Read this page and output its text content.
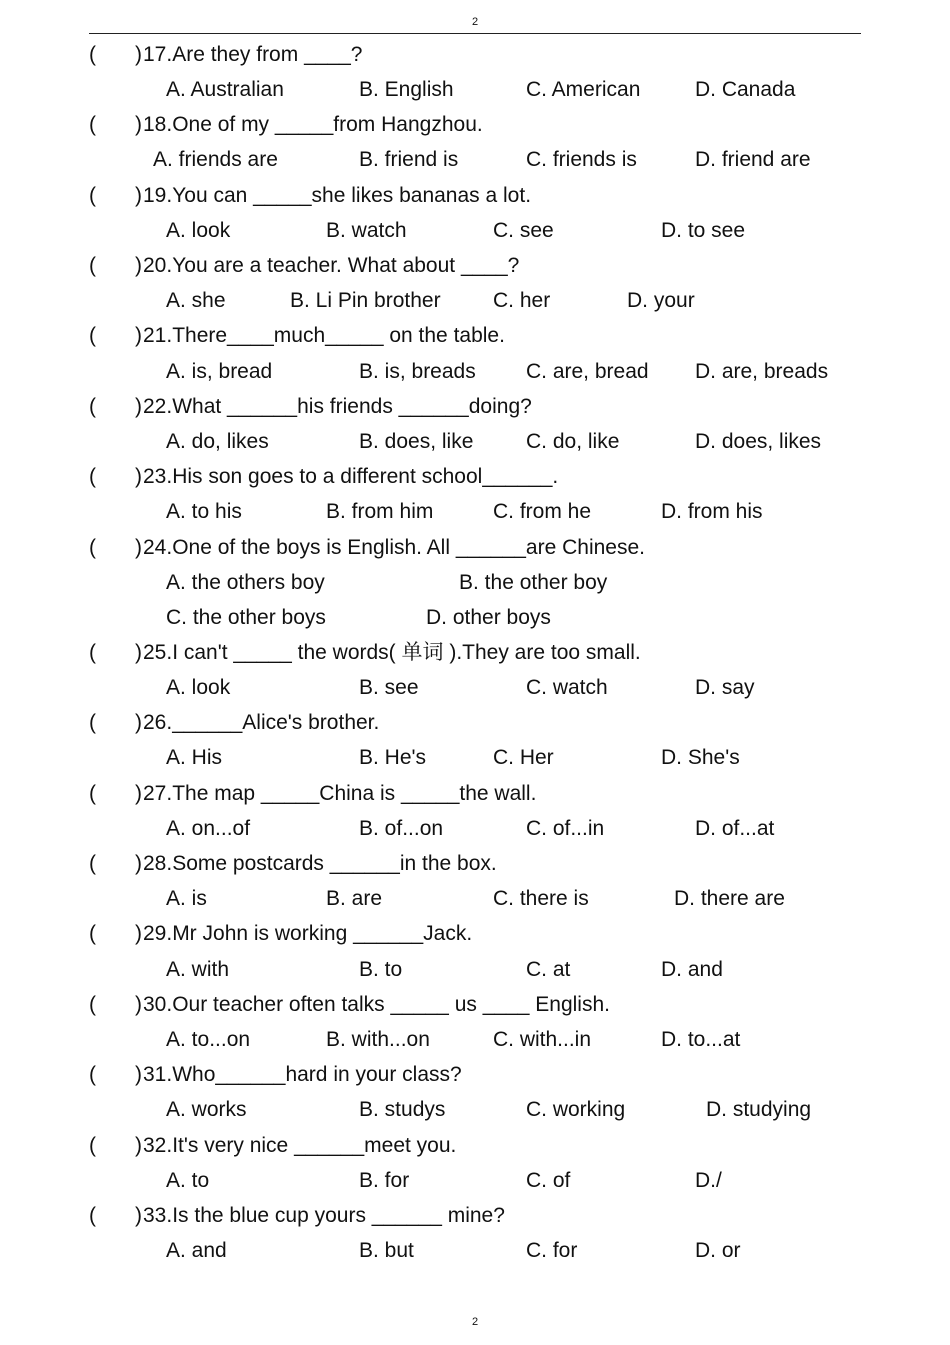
2

(

)

17.Are they from ____?

A. Australian	B. English	C. American	D. Canada

(

)

18.One of my _____from Hangzhou.

A. friends are	B. friend is	C. friends is	D. friend are

(

)

19.You can _____she likes bananas a lot.

A. look	B. watch	C. see	D. to see

(

)

20.You are a teacher. What about ____?

A. she	B. Li Pin brother C. her	D. your

(

)

21.There____much_____ on the table.

A. is, bread	B. is, breads C. are, bread D. are, breads

(

)

22.What ______his friends ______doing?

A. do, likes	B. does, like	C. do, like	D. does, likes

(

)

23.His son goes to a different school______.

A. to his	B. from him	C. from he	D. from his

(

)

24.One of the boys is English. All ______are Chinese.

A. the others boy	B. the other boy
C. the other boys	D. other boys

(

)

25.I can't _____ the words( 单词 ).They are too small.

A. look	B. see	C. watch	D. say

(

)

26.______Alice's brother.

A. His	B. He's	C. Her	D. She's

(

)

27.The map _____China is _____the wall.

A. on...of	B. of...on	C. of...in	D. of...at

(

)

28.Some postcards ______in the box.

A. is	B. are	C. there is	D. there are

(

)

29.Mr John is working ______Jack.

A. with	B. to	C. at	D. and

(

)

30.Our teacher often talks _____ us ____ English.

A. to...on	B. with...on	C. with...in	D. to...at

(

)

31.Who______hard in your class?

A. works	B. studys	C. working	D. studying

(

)

32.It's very nice ______meet you.

A. to	B. for	C. of	D./

(

)

33.Is the blue cup yours ______ mine?

A. and	B. but	C. for	D. or
2
